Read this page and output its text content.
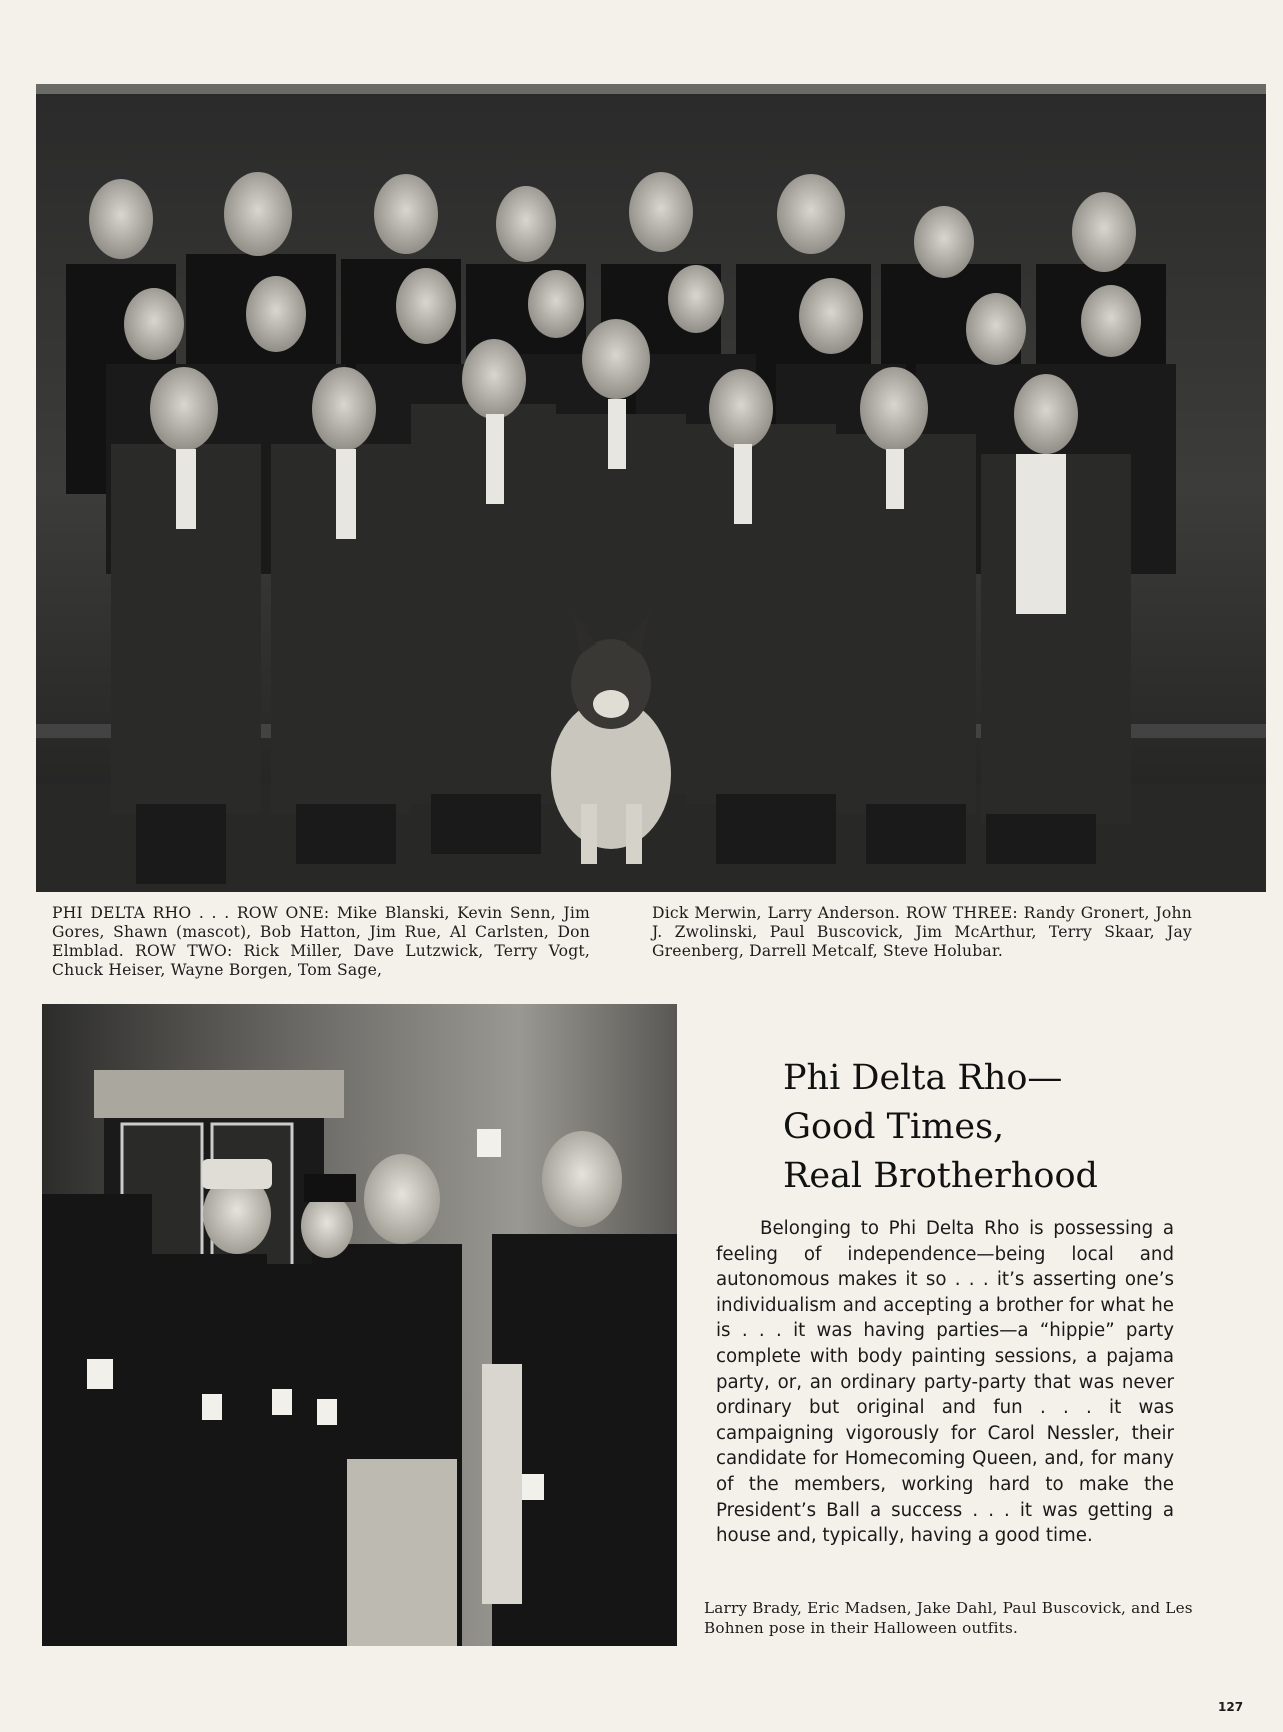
PHI DELTA RHO . . . ROW ONE: Mike Blanski, Kevin Senn, Jim Gores, Shawn (mascot), Bob Hatton, Jim Rue, Al Carlsten, Don Elmblad. ROW TWO: Rick Miller, Dave Lutzwick, Terry Vogt, Chuck Heiser, Wayne Borgen, Tom Sage,
Dick Merwin, Larry Anderson. ROW THREE: Randy Gronert, John J. Zwolinski, Paul Buscovick, Jim McArthur, Terry Skaar, Jay Greenberg, Darrell Metcalf, Steve Holubar.
Phi Delta Rho—
Good Times,
Real Brotherhood

Belonging to Phi Delta Rho is possessing a feeling of independence—being local and autonomous makes it so . . . it’s asserting one’s individualism and accepting a brother for what he is . . . it was having parties—a “hippie” party complete with body painting sessions, a pajama party, or, an ordinary party-party that was never ordinary but original and fun . . . it was campaigning vigorously for Carol Nessler, their candidate for Homecoming Queen, and, for many of the members, working hard to make the President’s Ball a success . . . it was getting a house and, typically, having a good time.

Larry Brady, Eric Madsen, Jake Dahl, Paul Buscovick, and Les Bohnen pose in their Halloween outfits.
127
